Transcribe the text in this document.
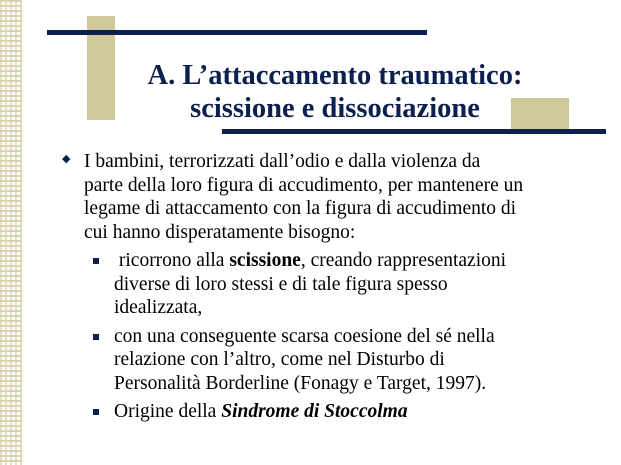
A. L’attaccamento traumatico:
scissione e dissociazione
◆ I bambini, terrorizzati dall’odio e dalla violenza da
parte della loro figura di accudimento, per mantenere un
legame di attaccamento con la figura di accudimento di
cui hanno disperatamente bisogno:
ricorrono alla scissione, creando rappresentazioni
diverse di loro stessi e di tale figura spesso
idealizzata,
con una conseguente scarsa coesione del sé nella
relazione con l’altro, come nel Disturbo di
Personalità Borderline (Fonagy e Target, 1997).
Origine della Sindrome di Stoccolma
